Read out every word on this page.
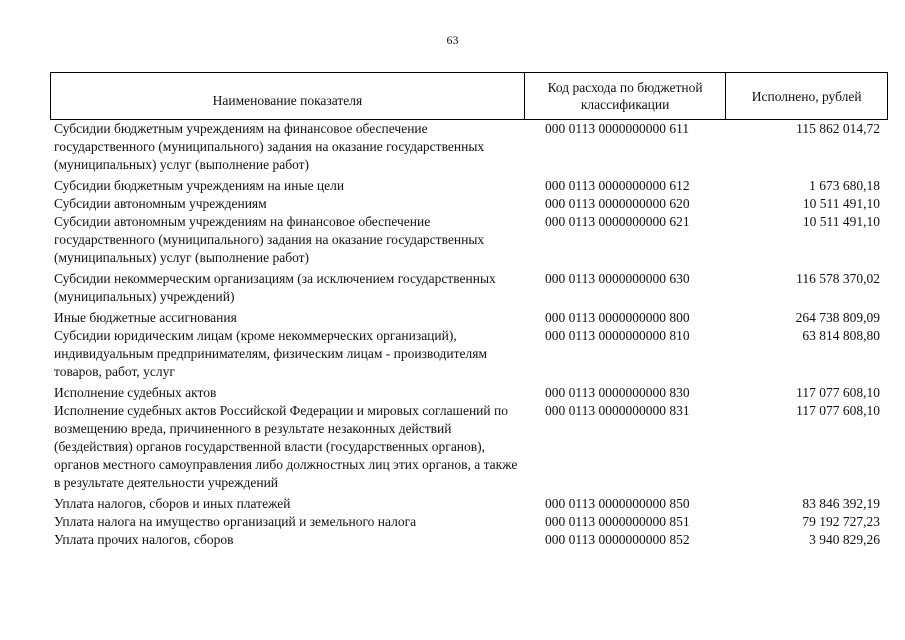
63
Наименование показателя
Код расхода по бюджетной классификации
Исполнено, рублей
Субсидии бюджетным учреждениям на финансовое обеспечение государственного (муниципального) задания на оказание государственных (муниципальных) услуг (выполнение работ)
000 0113 0000000000 611	115 862 014,72
Субсидии бюджетным учреждениям на иные цели	000 0113 0000000000 612	1 673 680,18
Субсидии автономным учреждениям	000 0113 0000000000 620	10 511 491,10
Субсидии автономным учреждениям на финансовое обеспечение государственного (муниципального) задания на оказание государственных (муниципальных) услуг (выполнение работ)
000 0113 0000000000 621	10 511 491,10
Субсидии некоммерческим организациям (за исключением государственных (муниципальных) учреждений)
000 0113 0000000000 630	116 578 370,02
Иные бюджетные ассигнования	000 0113 0000000000 800	264 738 809,09
Субсидии юридическим лицам (кроме некоммерческих организаций), индивидуальным предпринимателям, физическим лицам - производителям товаров, работ, услуг
000 0113 0000000000 810	63 814 808,80
Исполнение судебных актов	000 0113 0000000000 830	117 077 608,10
Исполнение судебных актов Российской Федерации и мировых соглашений по возмещению вреда, причиненного в результате незаконных действий (бездействия) органов государственной власти (государственных органов), органов местного самоуправления либо должностных лиц этих органов, а также в результате деятельности учреждений
000 0113 0000000000 831	117 077 608,10
Уплата налогов, сборов и иных платежей	000 0113 0000000000 850	83 846 392,19
Уплата налога на имущество организаций и земельного налога	000 0113 0000000000 851	79 192 727,23
Уплата прочих налогов, сборов	000 0113 0000000000 852	3 940 829,26
